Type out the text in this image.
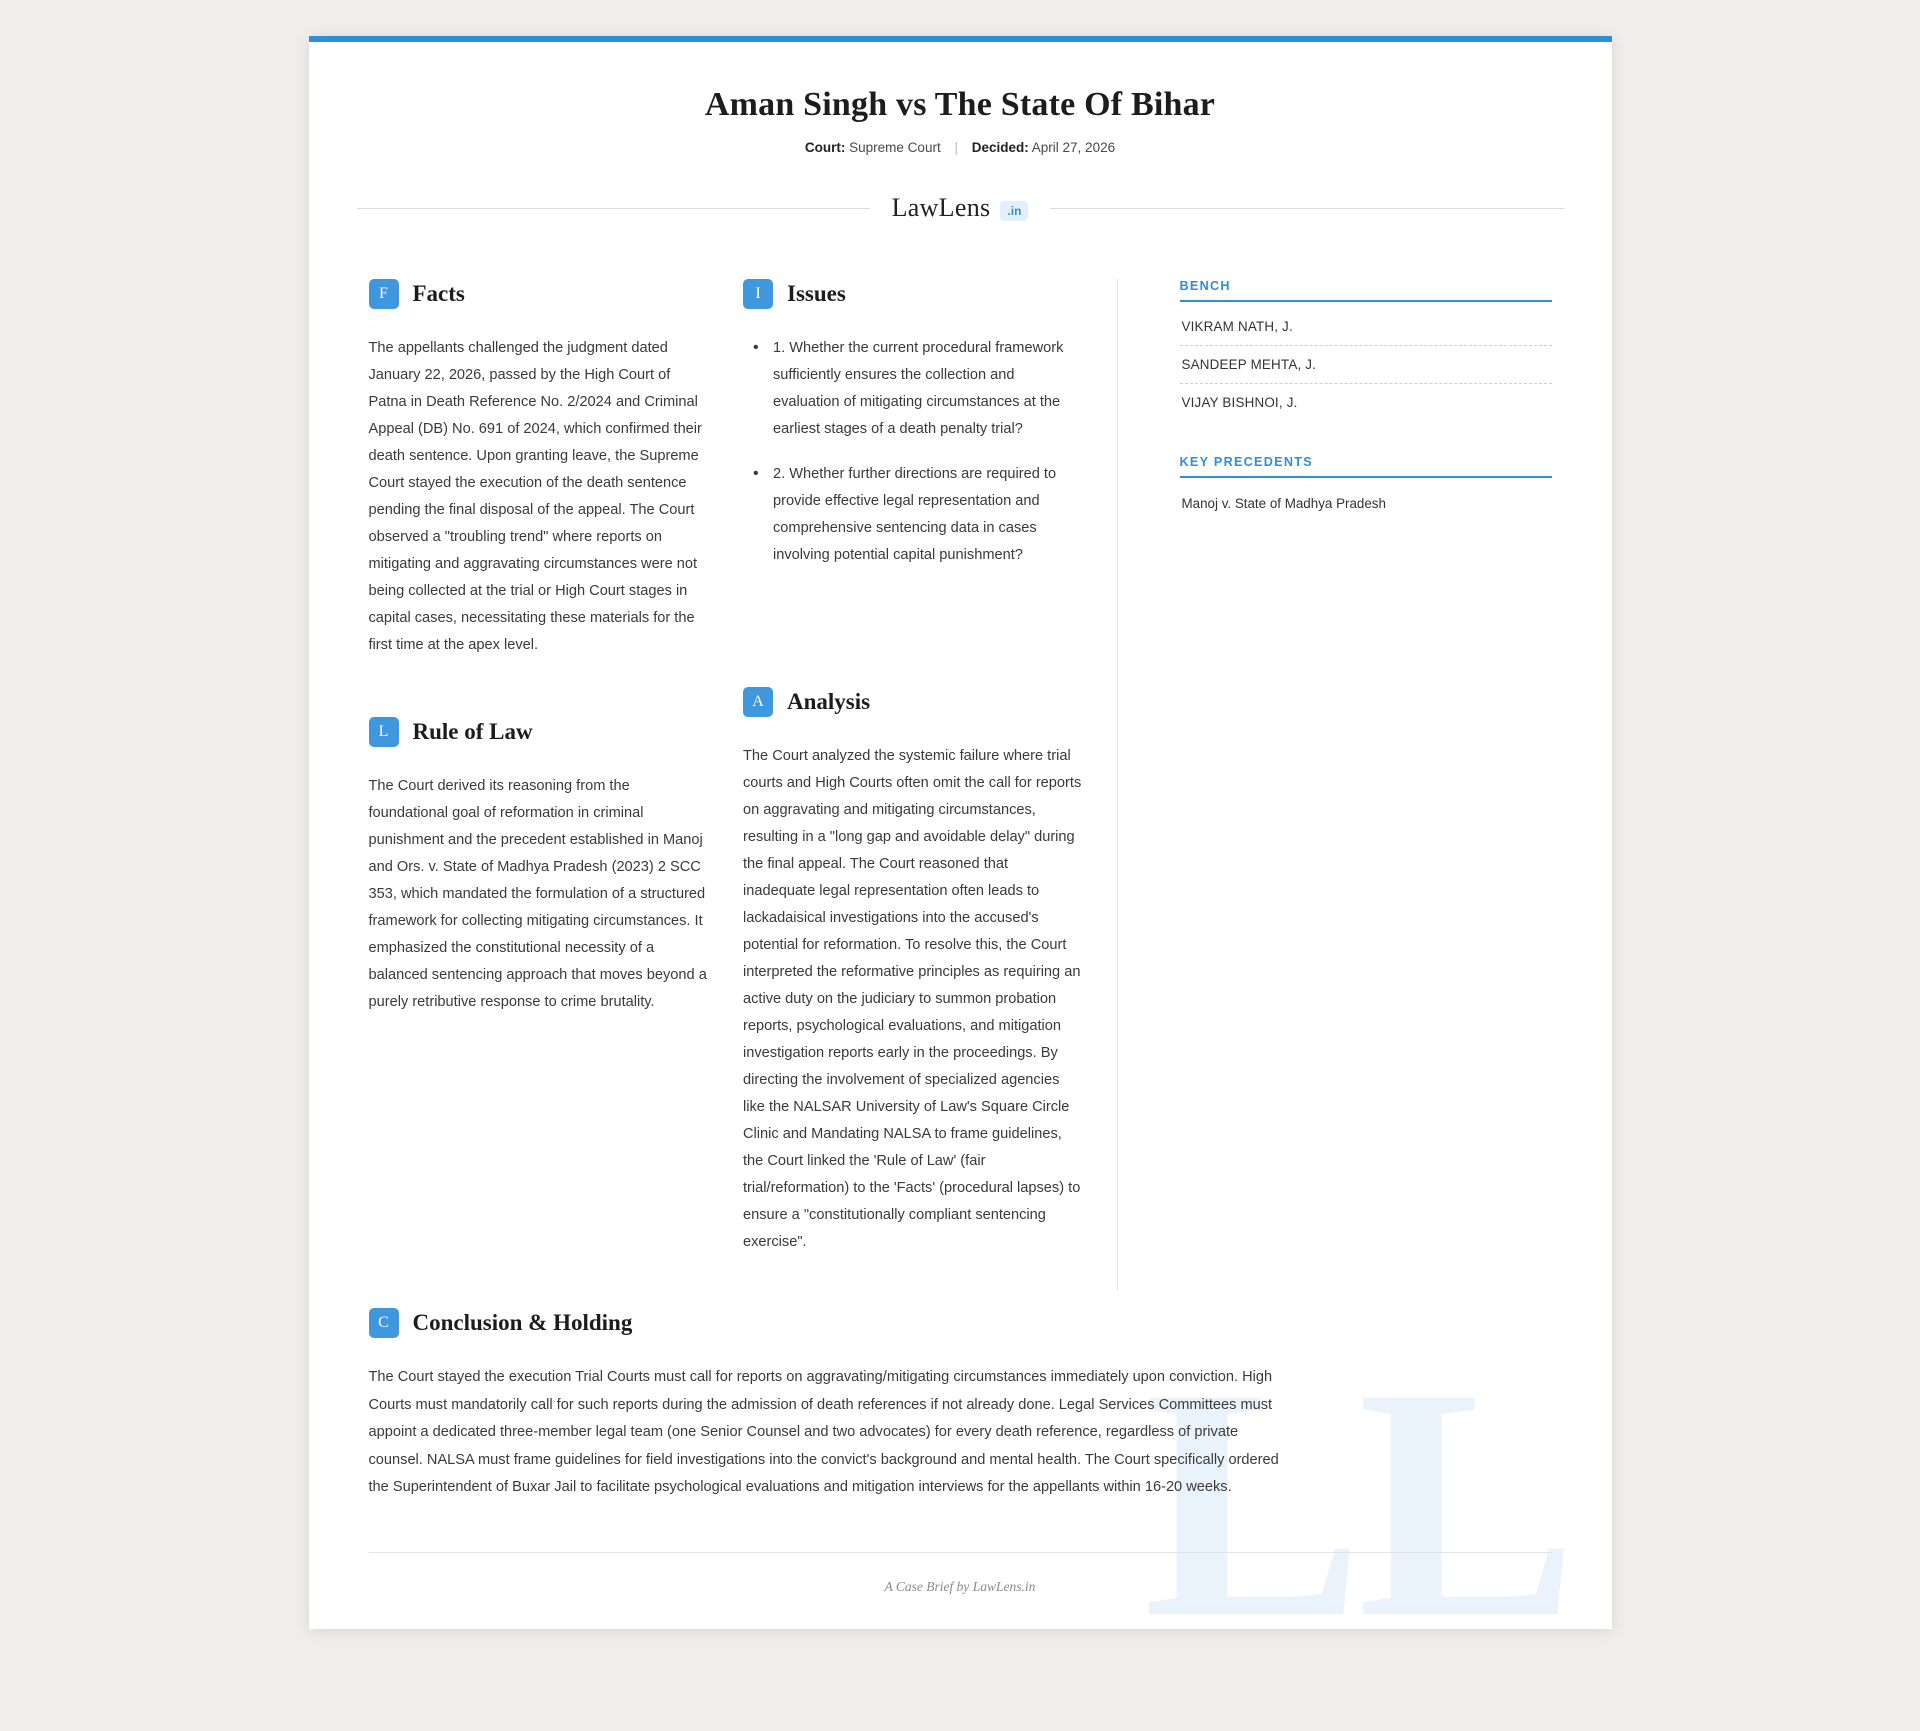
LL
Aman Singh vs The State Of Bihar
Court: Supreme Court | Decided: April 27, 2026
LawLens	.in
F	Facts
The appellants challenged the judgment dated January 22, 2026, passed by the High Court of Patna in Death Reference No. 2/2024 and Criminal Appeal (DB) No. 691 of 2024, which confirmed their death sentence. Upon granting leave, the Supreme Court stayed the execution of the death sentence pending the final disposal of the appeal. The Court observed a "troubling trend" where reports on mitigating and aggravating circumstances were not being collected at the trial or High Court stages in capital cases, necessitating these materials for the first time at the apex level.
L	Rule of Law
The Court derived its reasoning from the foundational goal of reformation in criminal punishment and the precedent established in Manoj and Ors. v. State of Madhya Pradesh (2023) 2 SCC 353, which mandated the formulation of a structured framework for collecting mitigating circumstances. It emphasized the constitutional necessity of a balanced sentencing approach that moves beyond a purely retributive response to crime brutality.
I	Issues
• 1. Whether the current procedural framework sufficiently ensures the collection and evaluation of mitigating circumstances at the earliest stages of a death penalty trial?
• 2. Whether further directions are required to provide effective legal representation and comprehensive sentencing data in cases involving potential capital punishment?
A	Analysis
The Court analyzed the systemic failure where trial courts and High Courts often omit the call for reports on aggravating and mitigating circumstances, resulting in a "long gap and avoidable delay" during the final appeal. The Court reasoned that inadequate legal representation often leads to lackadaisical investigations into the accused's potential for reformation. To resolve this, the Court interpreted the reformative principles as requiring an active duty on the judiciary to summon probation reports, psychological evaluations, and mitigation investigation reports early in the proceedings. By directing the involvement of specialized agencies like the NALSAR University of Law's Square Circle Clinic and Mandating NALSA to frame guidelines, the Court linked the 'Rule of Law' (fair trial/reformation) to the 'Facts' (procedural lapses) to ensure a "constitutionally compliant sentencing exercise".
BENCH
VIKRAM NATH, J.
SANDEEP MEHTA, J.
VIJAY BISHNOI, J.
KEY PRECEDENTS
Manoj v. State of Madhya Pradesh
C	Conclusion & Holding
The Court stayed the execution Trial Courts must call for reports on aggravating/mitigating circumstances immediately upon conviction. High Courts must mandatorily call for such reports during the admission of death references if not already done. Legal Services Committees must appoint a dedicated three-member legal team (one Senior Counsel and two advocates) for every death reference, regardless of private counsel. NALSA must frame guidelines for field investigations into the convict's background and mental health. The Court specifically ordered the Superintendent of Buxar Jail to facilitate psychological evaluations and mitigation interviews for the appellants within 16-20 weeks.
A Case Brief by LawLens.in
